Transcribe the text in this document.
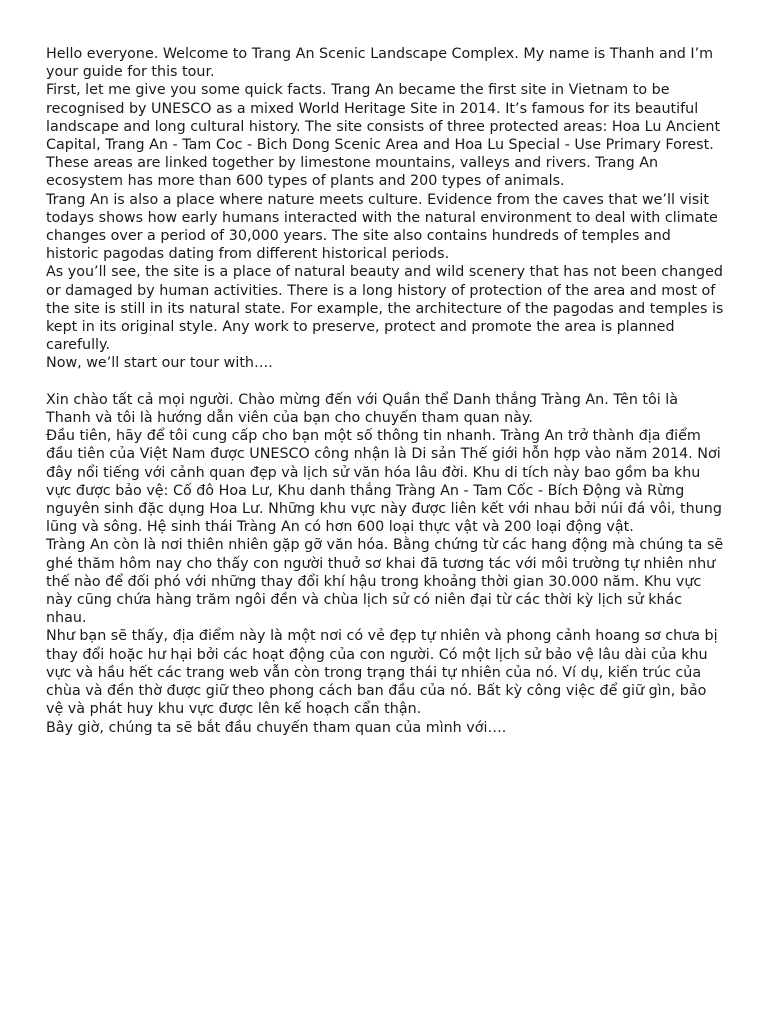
Hello everyone. Welcome to Trang An Scenic Landscape Complex. My name is Thanh and I’m your guide for this tour.

First, let me give you some quick facts. Trang An became the first site in Vietnam to be recognised by UNESCO as a mixed World Heritage Site in 2014. It’s famous for its beautiful landscape and long cultural history. The site consists of three protected areas: Hoa Lu Ancient Capital, Trang An - Tam Coc - Bich Dong Scenic Area and Hoa Lu Special - Use Primary Forest. These areas are linked together by limestone mountains, valleys and rivers. Trang An ecosystem has more than 600 types of plants and 200 types of animals.

Trang An is also a place where nature meets culture. Evidence from the caves that we’ll visit todays shows how early humans interacted with the natural environment to deal with climate changes over a period of 30,000 years. The site also contains hundreds of temples and historic pagodas dating from different historical periods.

As you’ll see, the site is a place of natural beauty and wild scenery that has not been changed or damaged by human activities. There is a long history of protection of the area and most of the site is still in its natural state. For example, the architecture of the pagodas and temples is kept in its original style. Any work to preserve, protect and promote the area is planned carefully.

Now, we’ll start our tour with….

Xin chào tất cả mọi người. Chào mừng đến với Quần thể Danh thắng Tràng An. Tên tôi là Thanh và tôi là hướng dẫn viên của bạn cho chuyến tham quan này.

Đầu tiên, hãy để tôi cung cấp cho bạn một số thông tin nhanh. Tràng An trở thành địa điểm đầu tiên của Việt Nam được UNESCO công nhận là Di sản Thế giới hỗn hợp vào năm 2014. Nơi đây nổi tiếng với cảnh quan đẹp và lịch sử văn hóa lâu đời. Khu di tích này bao gồm ba khu vực được bảo vệ: Cố đô Hoa Lư, Khu danh thắng Tràng An - Tam Cốc - Bích Động và Rừng nguyên sinh đặc dụng Hoa Lư. Những khu vực này được liên kết với nhau bởi núi đá vôi, thung lũng và sông. Hệ sinh thái Tràng An có hơn 600 loại thực vật và 200 loại động vật.

Tràng An còn là nơi thiên nhiên gặp gỡ văn hóa. Bằng chứng từ các hang động mà chúng ta sẽ ghé thăm hôm nay cho thấy con người thuở sơ khai đã tương tác với môi trường tự nhiên như thế nào để đối phó với những thay đổi khí hậu trong khoảng thời gian 30.000 năm. Khu vực này cũng chứa hàng trăm ngôi đền và chùa lịch sử có niên đại từ các thời kỳ lịch sử khác nhau.

Như bạn sẽ thấy, địa điểm này là một nơi có vẻ đẹp tự nhiên và phong cảnh hoang sơ chưa bị thay đổi hoặc hư hại bởi các hoạt động của con người. Có một lịch sử bảo vệ lâu dài của khu vực và hầu hết các trang web vẫn còn trong trạng thái tự nhiên của nó. Ví dụ, kiến trúc của chùa và đền thờ được giữ theo phong cách ban đầu của nó. Bất kỳ công việc để giữ gìn, bảo vệ và phát huy khu vực được lên kế hoạch cẩn thận.

Bây giờ, chúng ta sẽ bắt đầu chuyến tham quan của mình với….
